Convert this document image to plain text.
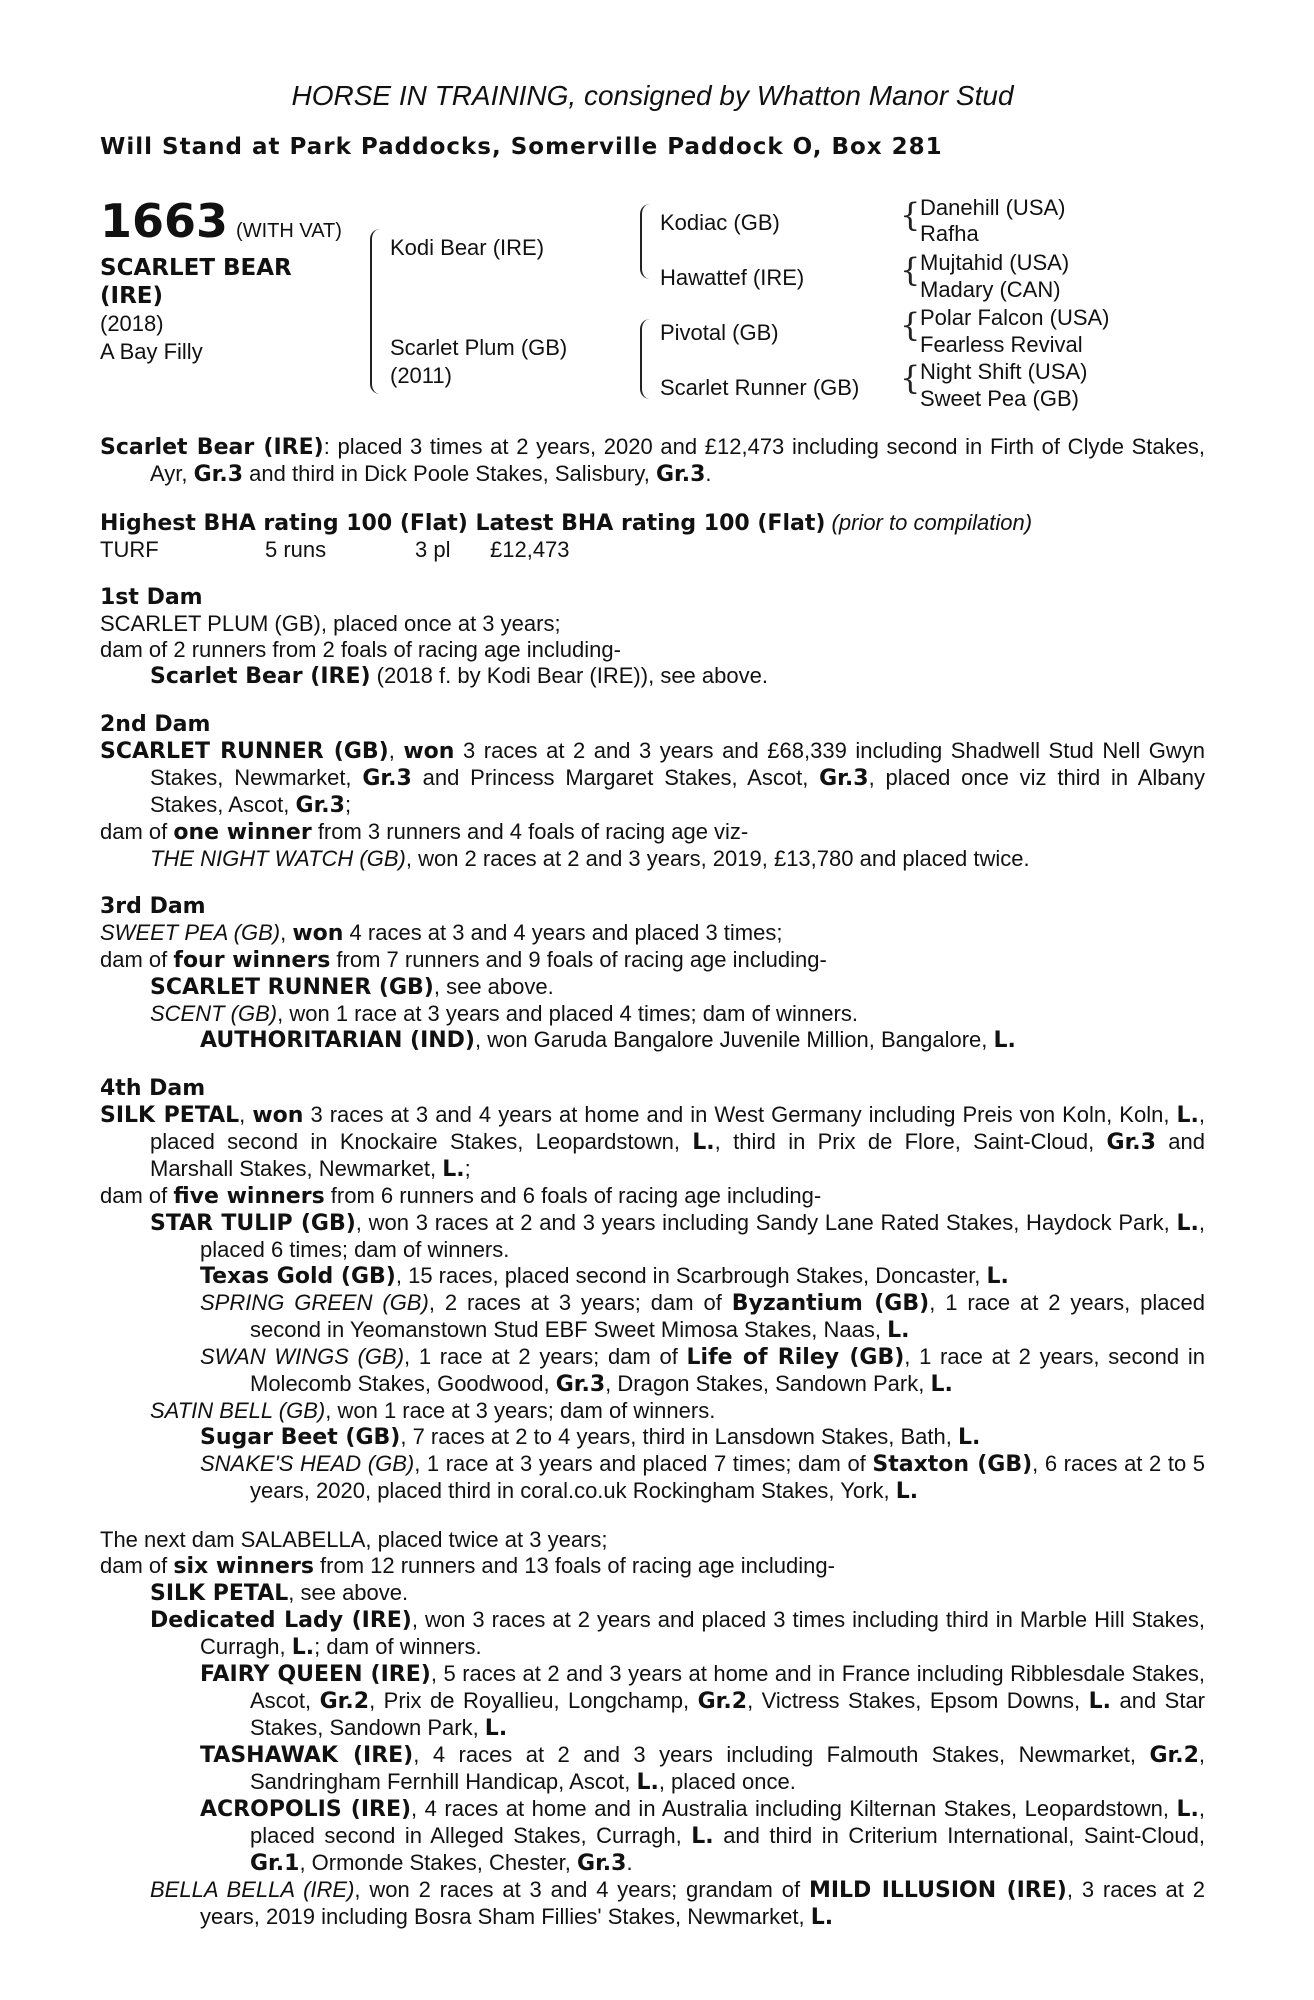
HORSE IN TRAINING, consigned by Whatton Manor Stud
Will Stand at Park Paddocks, Somerville Paddock O, Box 281
1663 (WITH VAT)
SCARLET BEAR
(IRE)
(2018)
A Bay Filly
Kodi Bear (IRE)
Scarlet Plum (GB)
(2011)
Kodiac (GB)
Hawattef (IRE)
Pivotal (GB)
Scarlet Runner (GB)
{ Danehill (USA)
Rafha
{ Mujtahid (USA)
Madary (CAN)
{ Polar Falcon (USA)
Fearless Revival
{ Night Shift (USA)
Sweet Pea (GB)
Scarlet Bear (IRE): placed 3 times at 2 years, 2020 and £12,473 including second in Firth of Clyde Stakes, Ayr, Gr.3 and third in Dick Poole Stakes, Salisbury, Gr.3.
Highest BHA rating 100 (Flat) Latest BHA rating 100 (Flat) (prior to compilation)
TURF	5 runs	3 pl £12,473
1st Dam
SCARLET PLUM (GB), placed once at 3 years;
dam of 2 runners from 2 foals of racing age including-
Scarlet Bear (IRE) (2018 f. by Kodi Bear (IRE)), see above.
2nd Dam
SCARLET RUNNER (GB), won 3 races at 2 and 3 years and £68,339 including Shadwell Stud Nell Gwyn Stakes, Newmarket, Gr.3 and Princess Margaret Stakes, Ascot, Gr.3, placed once viz third in Albany Stakes, Ascot, Gr.3;
dam of one winner from 3 runners and 4 foals of racing age viz-
THE NIGHT WATCH (GB), won 2 races at 2 and 3 years, 2019, £13,780 and placed twice.
3rd Dam
SWEET PEA (GB), won 4 races at 3 and 4 years and placed 3 times;
dam of four winners from 7 runners and 9 foals of racing age including-
SCARLET RUNNER (GB), see above.
SCENT (GB), won 1 race at 3 years and placed 4 times; dam of winners.
AUTHORITARIAN (IND), won Garuda Bangalore Juvenile Million, Bangalore, L.
4th Dam
SILK PETAL, won 3 races at 3 and 4 years at home and in West Germany including Preis von Koln, Koln, L., placed second in Knockaire Stakes, Leopardstown, L., third in Prix de Flore, Saint-Cloud, Gr.3 and Marshall Stakes, Newmarket, L.;
dam of five winners from 6 runners and 6 foals of racing age including-
STAR TULIP (GB), won 3 races at 2 and 3 years including Sandy Lane Rated Stakes, Haydock Park, L., placed 6 times; dam of winners.
Texas Gold (GB), 15 races, placed second in Scarbrough Stakes, Doncaster, L.
SPRING GREEN (GB), 2 races at 3 years; dam of Byzantium (GB), 1 race at 2 years, placed second in Yeomanstown Stud EBF Sweet Mimosa Stakes, Naas, L.
SWAN WINGS (GB), 1 race at 2 years; dam of Life of Riley (GB), 1 race at 2 years, second in Molecomb Stakes, Goodwood, Gr.3, Dragon Stakes, Sandown Park, L.
SATIN BELL (GB), won 1 race at 3 years; dam of winners.
Sugar Beet (GB), 7 races at 2 to 4 years, third in Lansdown Stakes, Bath, L.
SNAKE'S HEAD (GB), 1 race at 3 years and placed 7 times; dam of Staxton (GB), 6 races at 2 to 5 years, 2020, placed third in coral.co.uk Rockingham Stakes, York, L.
The next dam SALABELLA, placed twice at 3 years;
dam of six winners from 12 runners and 13 foals of racing age including-
SILK PETAL, see above.
Dedicated Lady (IRE), won 3 races at 2 years and placed 3 times including third in Marble Hill Stakes, Curragh, L.; dam of winners.
FAIRY QUEEN (IRE), 5 races at 2 and 3 years at home and in France including Ribblesdale Stakes, Ascot, Gr.2, Prix de Royallieu, Longchamp, Gr.2, Victress Stakes, Epsom Downs, L. and Star Stakes, Sandown Park, L.
TASHAWAK (IRE), 4 races at 2 and 3 years including Falmouth Stakes, Newmarket, Gr.2, Sandringham Fernhill Handicap, Ascot, L., placed once.
ACROPOLIS (IRE), 4 races at home and in Australia including Kilternan Stakes, Leopardstown, L., placed second in Alleged Stakes, Curragh, L. and third in Criterium International, Saint-Cloud, Gr.1, Ormonde Stakes, Chester, Gr.3.
BELLA BELLA (IRE), won 2 races at 3 and 4 years; grandam of MILD ILLUSION (IRE), 3 races at 2 years, 2019 including Bosra Sham Fillies' Stakes, Newmarket, L.
